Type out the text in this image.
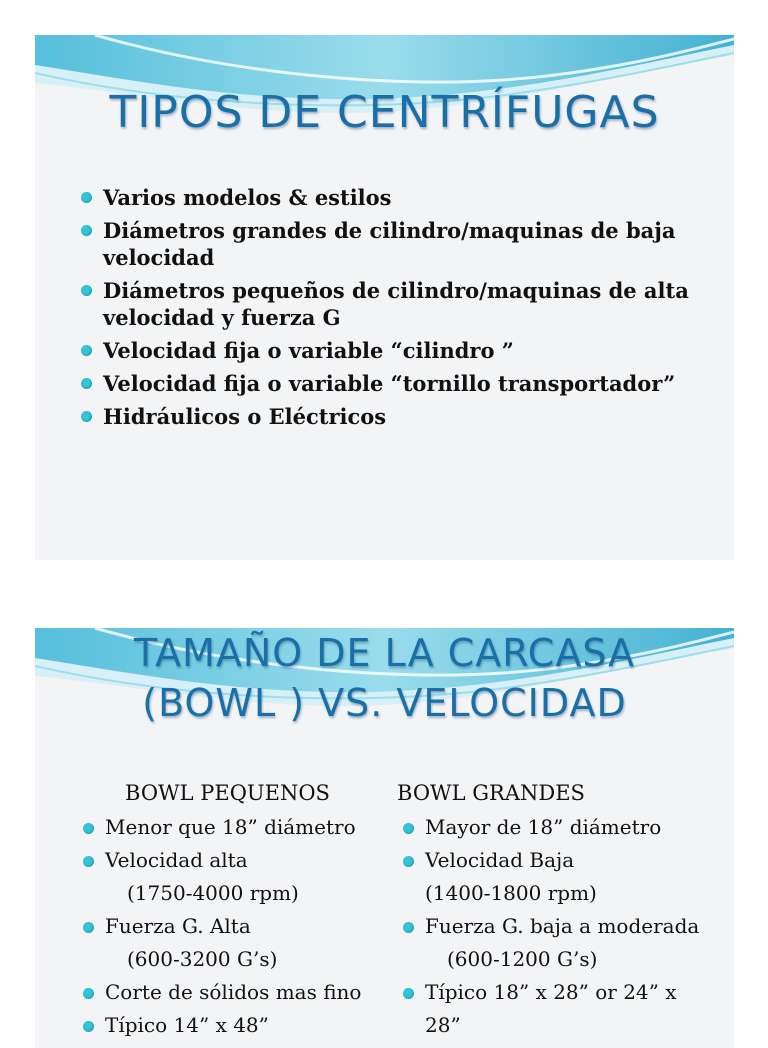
TIPOS DE CENTRÍFUGAS
Varios modelos & estilos
Diámetros grandes de cilindro/maquinas de baja velocidad
Diámetros pequeños de cilindro/maquinas de alta velocidad y fuerza G
Velocidad fija o variable “cilindro ”
Velocidad fija o variable “tornillo transportador”
Hidráulicos o Eléctricos
TAMAÑO DE LA CARCASA
(BOWL ) VS. VELOCIDAD
BOWL PEQUENOS
Menor que 18” diámetro
Velocidad alta
(1750-4000 rpm)
Fuerza G. Alta
(600-3200 G’s)
Corte de sólidos mas fino
Típico 14” x 48”
BOWL GRANDES
Mayor de 18” diámetro
Velocidad Baja
(1400-1800 rpm)
Fuerza G. baja a moderada
(600-1200 G’s)
Típico 18” x 28” or 24” x 28”
